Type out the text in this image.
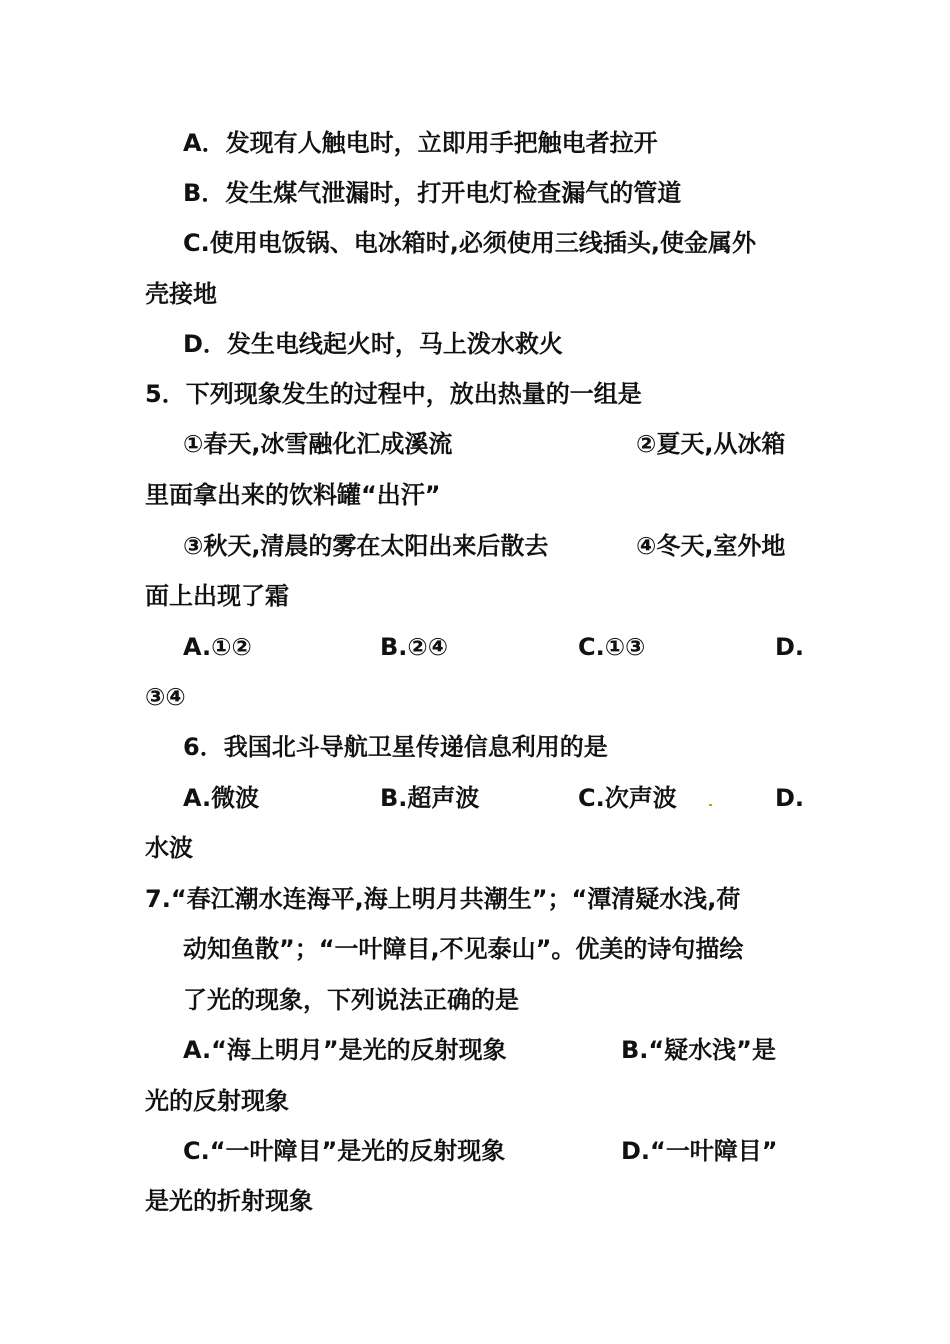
A．发现有人触电时，立即用手把触电者拉开
B．发生煤气泄漏时，打开电灯检查漏气的管道
C.使用电饭锅、电冰箱时,必须使用三线插头,使金属外
壳接地
D．发生电线起火时，马上泼水救火
5．下列现象发生的过程中，放出热量的一组是
①春天,冰雪融化汇成溪流	②夏天,从冰箱
里面拿出来的饮料罐“出汗”
③秋天,清晨的雾在太阳出来后散去	④冬天,室外地
面上出现了霜
A.①②	B.②④	C.①③	D.
③④
6．我国北斗导航卫星传递信息利用的是
A.微波	B.超声波	C.次声波	D.
水波
7.“春江潮水连海平,海上明月共潮生”；“潭清疑水浅,荷
动知鱼散”；“一叶障目,不见泰山”。优美的诗句描绘
了光的现象，下列说法正确的是
A.“海上明月”是光的反射现象	B.“疑水浅”是
光的反射现象
C.“一叶障目”是光的反射现象	D.“一叶障目”
是光的折射现象
